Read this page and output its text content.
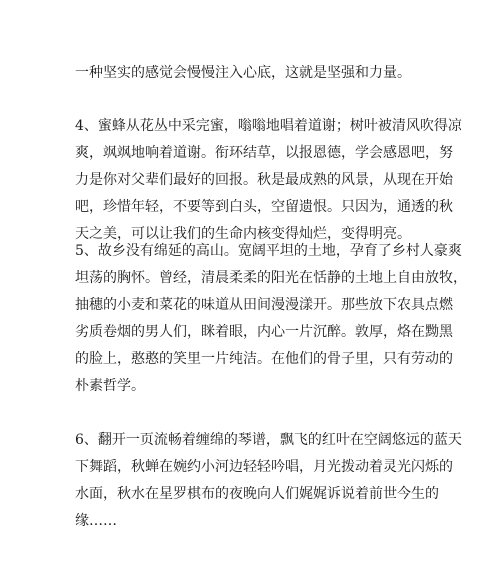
一种坚实的感觉会慢慢注入心底，这就是坚强和力量。

4、蜜蜂从花丛中采完蜜，嗡嗡地唱着道谢；树叶被清风吹得凉
爽，飒飒地响着道谢。衔环结草，以报恩德，学会感恩吧，努
力是你对父辈们最好的回报。秋是最成熟的风景，从现在开始
吧，珍惜年轻，不要等到白头，空留遗恨。只因为，通透的秋
天之美，可以让我们的生命内核变得灿烂，变得明亮。

5、故乡没有绵延的高山。宽阔平坦的土地，孕育了乡村人豪爽
坦荡的胸怀。曾经，清晨柔柔的阳光在恬静的土地上自由放牧，
抽穗的小麦和菜花的味道从田间漫漫漾开。那些放下农具点燃
劣质卷烟的男人们，眯着眼，内心一片沉醉。敦厚，烙在黝黑
的脸上，憨憨的笑里一片纯洁。在他们的骨子里，只有劳动的
朴素哲学。

6、翻开一页流畅着缠绵的琴谱，飘飞的红叶在空阔悠远的蓝天
下舞蹈，秋蝉在婉约小河边轻轻吟唱，月光拨动着灵光闪烁的
水面，秋水在星罗棋布的夜晚向人们娓娓诉说着前世今生的
缘……
